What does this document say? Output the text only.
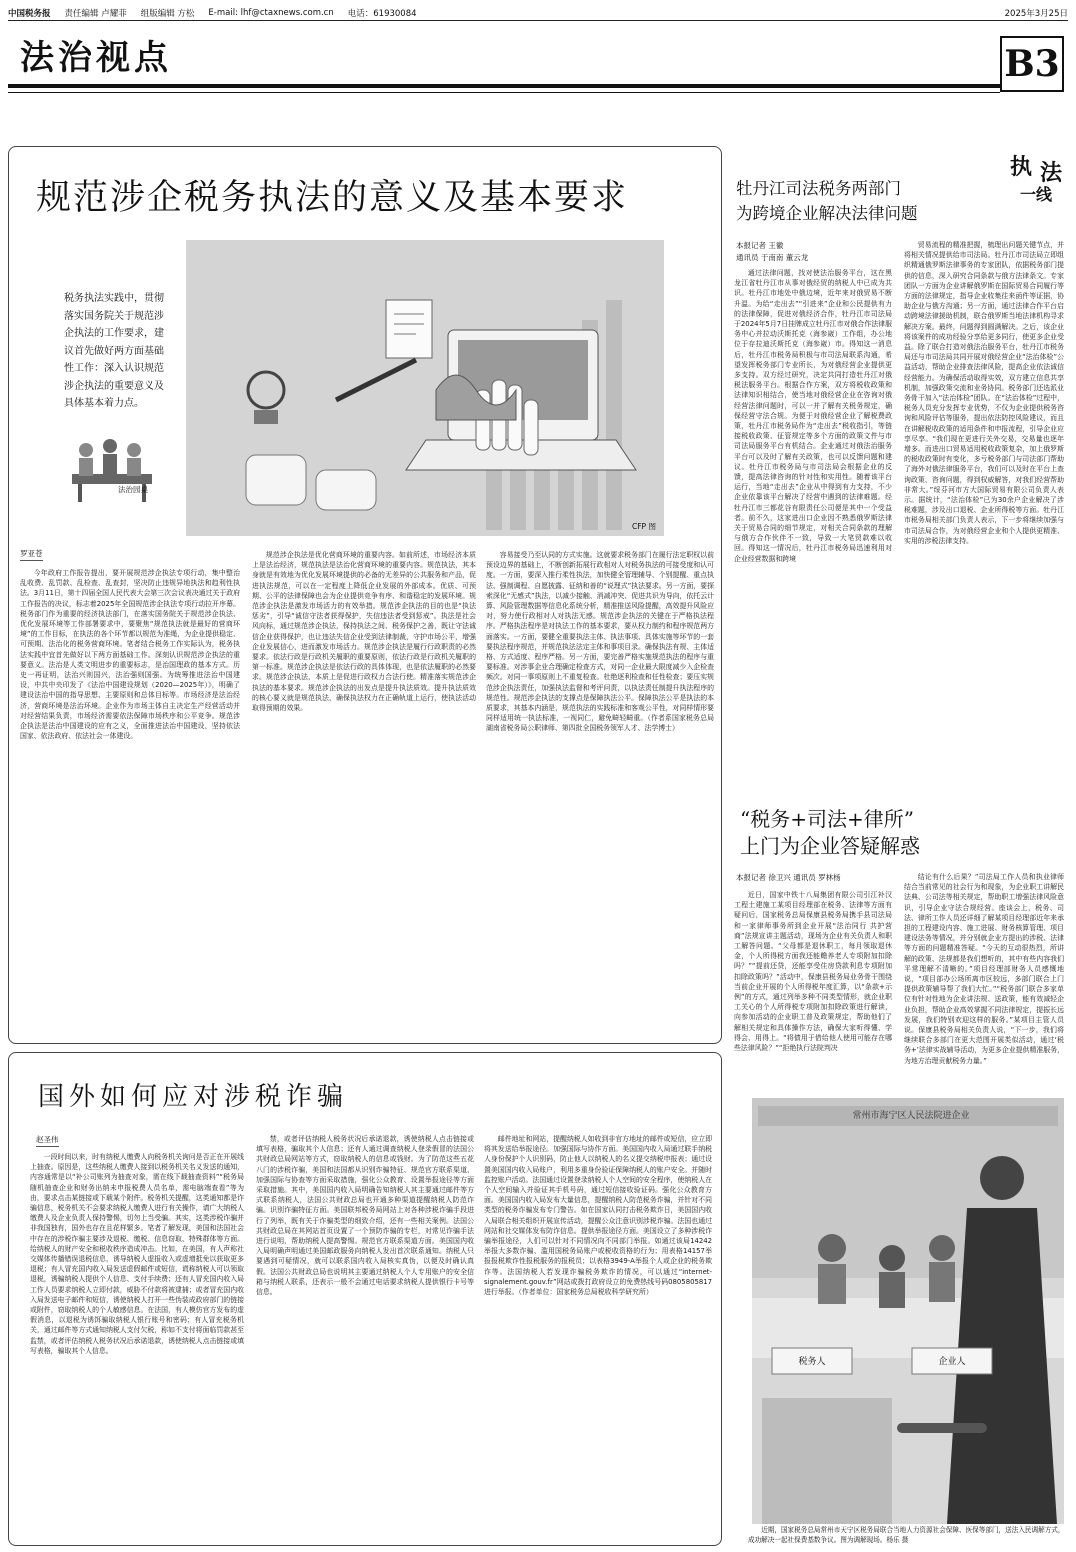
中国税务报 责任编辑 卢耀菲 组版编辑 方松 E-mail: lhf@ctaxnews.com.cn 电话：61930084	2025年3月25日
法治视点	B3
规范涉企税务执法的意义及基本要求
CFP 图
税务执法实践中，贯彻落实国务院关于规范涉企执法的工作要求，建议首先做好两方面基础性工作：深入认识规范涉企执法的重要意义及具体基本着力点。
法治园桌
罗亚苍

今年政府工作报告提出，要开展规范涉企执法专项行动，集中整治乱收费、乱罚款、乱检查、乱查封，坚决防止违规异地执法和趋利性执法。3月11日，第十四届全国人民代表大会第三次会议表决通过关于政府工作报告的决议，标志着2025年全国规范涉企执法专项行动拉开序幕。税务部门作为重要的经济执法部门，在落实国务院关于规范涉企执法、优化发展环境等工作部署要求中，要聚焦“规范执法就是最好的营商环境”的工作目标，在执法的各个环节都以规范为准绳，为企业提供稳定、可预期、法治化的税务营商环境。笔者结合税务工作实际认为，税务执法实践中宜首先做好以下两方面基础工作。深刻认识规范涉企执法的重要意义。法治是人类文明进步的重要标志，是治国理政的基本方式。历史一再证明，法治兴则国兴，法治强则国强。为统筹推进法治中国建设，中共中央印发了《法治中国建设规划（2020—2025年）》，明确了建设法治中国的指导思想、主要原则和总体目标等。市场经济是法治经济，营商环境是法治环境。企业作为市场主体自主决定生产经营活动并对经营结果负责，市场经济需要依法保障市场秩序和公平竞争。规范涉企执法是法治中国建设的应有之义，全面推进法治中国建设，坚持依法国家、依法政府、依法社会一体建设。

规范涉企执法是优化营商环境的重要内容。如前所述，市场经济本质上是法治经济，规范执法是法治化营商环境的重要内容。规范执法，其本身就是有效地为优化发展环境提供的必备的无差异的公共服务和产品，促进执法规范，可以在一定程度上降低企业发展的外部成本。优质、可预期、公平的法律保障也会为企业提供竞争有序、和谐稳定的发展环境。规范涉企执法是激发市场活力的有效举措。规范涉企执法的目的也是“执法惩劣”，引导“诚信守法者获得保护，失信违法者受到惩戒”。执法是社会风向标，通过规范涉企执法，保持执法之间、税务保护之善，既让守法诚信企业获得保护，也让违法失信企业受到法律制裁，守护市场公平，增强企业发展信心，进而激发市场活力。规范涉企执法是履行行政职责的必然要求。依法行政是行政机关履职的重要原则，依法行政是行政机关履职的第一标准。规范涉企执法是依法行政的具体体现，也是依法履职的必然要求。规范涉企执法，本质上是促进行政权力合法行使。精准落实规范涉企执法的基本要求。规范涉企执法的出发点是提升执法质效。提升执法质效的核心要义就是规范执法，确保执法权力在正确轨道上运行，使执法活动取得预期的效果。

容易接受乃至认同的方式实施。这就要求税务部门在履行法定职权以前预设边界的基础上，不断创新拓展行政相对人对税务执法的可接受度和认可度。一方面，要深入推行柔性执法，加快健全管理辅导、个别提醒、重点执法、强制调程、自愿披露、征纳和善的“说理式”执法要求。另一方面，要探索深化“无感式”执法，以减少接触、消减冲突、促进共识为导向，依托云计算、风险管理数据等信息化系统分析，精准推送风险提醒，高效提升风险应对，努力使行政相对人对执法无感。规范涉企执法的关键在于严格执法程序。严格执法程序是对执法工作的基本要求，要从权力制约和程序规范两方面落实。一方面，要健全重要执法主体、执法事项、具体实施等环节的一套要执法程序规范，并规范执法法定主体和事项目录。确保执法有规、主体适格、方式适度、程序严格。另一方面，要完善严格实施规范执法的程序与重要标准。对涉事企业合理确定检查方式，对同一企业最大限度减少入企检查频次。对同一事项原则上不重复检查。杜绝逐利检查和任性检查；要压实规范涉企执法责任，加强执法监督和考评问责，以执法责任制提升执法程序的规范性。规范涉企执法的支撑点是保障执法公平。保障执法公平是执法的本质要求，其基本内涵是，规范执法的实践标准和客观公平性，对同样情形要同样适用统一执法标准，一视同仁，避免畸轻畸重。（作者系国家税务总局湖南省税务局公职律师、第四批全国税务领军人才、法学博士）

执 法
一线
牡丹江司法税务两部门
为跨境企业解决法律问题
本报记者 王徽
通讯员 于南南 董云龙

通过法律问题，找对使法治服务平台，这在黑龙江省牡丹江市从事对俄经贸的纳税人中已成为共识。牡丹江市地处中俄边境，近年来对俄贸易不断升温。为给“走出去”“引进来”企业和公民提供有力的法律保障，促进对俄经济合作，牡丹江市司法局于2024年5月7日挂牌成立牡丹江市对俄合作法律服务中心并拉动沃斯托克（海参崴）工作组，办公地位于存拉迪沃斯托克（海参崴）市。得知这一消息后，牡丹江市税务局积极与市司法局联系沟通，希望发挥税务部门专业所长，为对俄经营企业提供更多支持。双方经过研究，决定共同打造牡丹江对俄税法服务平台。根据合作方案，双方将税收政策和法律知识相结合，使当地对俄经营企业在咨询对俄经营法律问题时，可以一并了解有关税务规定，确保经营守法合规。为便于对俄经营企业了解税费政策，牡丹江市税务局作为“走出去”税收指引，等链接税收政策、征管规定等多个方面的政策文件与市司法局服务平台有机结合。企业通过对俄法治服务平台可以及时了解有关政策，也可以反馈问题和建议。牡丹江市税务局与市司法局会根据企业的反馈，提高法律咨询的针对性和实用性。随着该平台运行，当地“走出去”企业从中得到有力支持，不少企业依靠该平台解决了经营中遇到的法律难题。经牡丹江市三都花谷有限责任公司便是其中一个受益者。前不久，这家进出口企业因不熟悉俄罗斯法律关于贸易合同的细节规定，对相关合同条款的理解与俄方合作伙伴不一致，导致一大笔贸款难以收回。得知这一情况后，牡丹江市税务局迅速利用对企业经营数据和跨境

贸易流程的精准把握，梳理出问题关键节点，并将相关情况提供给市司法局。牡丹江市司法局立即组织精通俄罗斯法律事务的专家团队，依据税务部门提供的信息，深入研究合同条款与俄方法律条文。专家团队一方面为企业讲解俄罗斯在国际贸易合同履行等方面的法律规定，指导企业收集往来函件等证据，协助企业与俄方沟通；另一方面，通过法律合作平台启动跨境法律援助机制，联合俄罗斯当地法律机构寻求解决方案。最终，问题得到圆满解决。之后，该企业将该案件的成功经验分享给更多同行，使更多企业受益。除了联合打造对俄法治服务平台，牡丹江市税务局还与市司法局共同开展对俄经营企业“法治体检”公益活动，帮助企业排查法律风险，提高企业依法诚信经营能力。为确保活动取得实效，双方建立信息共享机制，加强政策交流和业务协同。税务部门还选派业务骨干加入“法治体检”团队。在“法治体检”过程中，税务人员充分发挥专业优势，不仅为企业提供税务咨询和风险评估等服务，提出依法防控风险建议，而且在讲解税收政策的适用条件和申报流程，引导企业应享尽享。“我们现在更进行关外交易，交易量也逐年增多。而进出口贸易适用税收政策复杂，加上俄罗斯的税收政策时有变化，多亏税务部门与司法部门帮助了海外对俄法律服务平台，我们可以及时在平台上查询政策、咨询问题，得到权威解答，对我们经营帮助非常大。”绥芬河市方大国际贸易有限公司负责人表示。据统计，“法治体检”已为30余户企业解决了涉税难题，涉及出口退税、企业所得税等方面。牡丹江市税务局相关部门负责人表示，下一步将继续加强与市司法局合作，为对俄经营企业和个人提供更精准、实用的涉税法律支持。

“税务+司法+律所”
上门为企业答疑解惑
本报记者 徐卫兴 通讯员 罗林杨

近日，国家中铁十八局集团有限公司引江补汉工程土建施工某项目经理部在税务、法律等方面有疑问后，国家税务总局保康县税务局携手县司法局和一家律师事务所到企业开展“法治同行 共护营商”法规宣讲主题活动，现场为企业有关负责人和职工解答问题。“父母都是退休职工，每月领取退休金，个人所得税方面我还能赡养老人专项附加扣除吗？”“提前还贷，还能享受住房贷款利息专项附加扣除政策吗？”活动中，保康县税务局业务骨干围绕当前企业开展的个人所得税年度汇算，以“条款+示例”的方式，通过列举多种不同类型情形，就企业职工关心的个人所得税专项附加扣除政策进行解读，向参加活动的企业职工普及政策规定，帮助他们了解相关规定和具体操作方法，确保大家听得懂、学得会、用得上。“将债用于借给他人使用可能存在哪些法律风险？”“拒绝执行法院判决

结论有什么后果？”司法局工作人员和执业律师结合当前常见的社会行为和现象，为企业职工讲解民法典、公司法等相关规定，帮助职工增强法律风险意识，引导企业守法合规经营。座谈会上，税务、司法、律所工作人员还详细了解某项目经理部近年来承担的工程建设内容、施工进展、财务核算管理、项目建设法务等情况，并分别就企业方提出的涉税、法律等方面的问题精准答疑。“今天的互动很热烈，所讲解的政策、法规都是我们想听的，其中有些内容我们平常理解不清晰的。”项目经理部财务人员感慨地说，“项目部办公场所离市区较远，多部门联合上门提供政策辅导帮了我们大忙。”“税务部门联合多家单位有针对性地为企业讲法规、送政策，能有效减轻企业负担，帮助企业高效掌握不同法律规定，提振长远发展，我们特别欢迎这样的服务。”某项目主管人员说。保康县税务局相关负责人说，“下一步，我们将继续联合多部门在更大范围开展类似活动，通过‘税务+’法律实战辅导活动，为更多企业提供精准服务，为地方治理贡献税务力量。”

常州市海宁区人民法院进企业
税务人	企业人
近期，国家税务总局常州市天宁区税务局联合当地人力资源社会保障、医保等部门，送法入民调解方式，成功解决一起社保费基数争议。图为调解现场。杨乐 摄
国外如何应对涉税诈骗
赵圣伟

一段时间以来，时有纳税人缴费人向税务机关询问是否正在开展线上抽查。原因是，这些纳税人缴费人接到以税务机关名义发送的通知，内容通常是以“补公司账列为抽查对象，需在线下载抽查资料”“税务局随机抽查企业和财务出纳未申报税费人员名单，需电脑端查看”等为由，要求点击某链接或下载某个附件。税务机关提醒，这类通知都是诈骗信息，税务机关不会要求纳税人缴费人进行有关操作，请广大纳税人缴费人及企业负责人保持警惕，切勿上当受骗。其实，这类涉税诈骗并非我国独有，国外也存在且花样繁多。笔者了解发现，美国和法国社会中存在的涉税诈骗主要涉及退税、缴税、信息窃取、特殊群体等方面。给纳税人的财产安全和税收秩序造成冲击。比如，在美国，有人声称社交媒体传播错误退税信息，诱导纳税人虚报收入或虚增抵免以获取更多退税；有人冒充国内收入局发送虚假邮件或短信，谎称纳税人可以领取退税，诱骗纳税人提供个人信息、支付手续费；还有人冒充国内收入局工作人员要求纳税人立即付款，威胁不付款将被逮捕；或者冒充国内收入局发送电子邮件和短信，诱使纳税人打开一些伪装成政府部门的链接或附件，窃取纳税人的个人敏感信息。在法国，有人模仿官方发布的虚假消息，以退税为诱饵骗取纳税人银行账号和密码；有人冒充税务机关，通过邮件等方式通知纳税人支付欠税，称如不支付将面临罚款甚至监禁，或者评估纳税人税务状况后承诺退款，诱使纳税人点击链接或填写表格，骗取其个人信息。

禁，或者评估纳税人税务状况后承诺退款，诱使纳税人点击链接或填写表格，骗取其个人信息；还有人通过调查纳税人登录假冒的法国公共财政总局网站等方式，窃取纳税人的信息或钱财。为了防范这些五花八门的涉税诈骗，美国和法国都从识别诈骗特征、规范官方联系渠道、加强国际与协查等方面采取措施，强化公众教育、设置举报途径等方面采取措施。其中，美国国内收入局明确告知纳税人其主要通过邮件等方式联系纳税人，法国公共财政总局也开通多种渠道提醒纳税人防范诈骗。识别诈骗特征方面。美国联邦税务局网站上对各种涉税诈骗手段进行了列举，既有关于诈骗类型的细致介绍，还有一些相关案例。法国公共财政总局在其网站首页设置了一个预防诈骗的专栏，对常见诈骗手法进行说明，帮助纳税人提高警惕。规范官方联系渠道方面。美国国内收入局明确声明通过美国邮政服务向纳税人发出首次联系通知。纳税人只要遇到可疑情况，就可以联系国内收入局核实真伪，以便及时确认真假。法国公共财政总局也说明其主要通过纳税人个人专用账户的安全信箱与纳税人联系，还表示一般不会通过电话要求纳税人提供银行卡号等信息。

邮件地址和网站，提醒纳税人如收到非官方地址的邮件或短信，应立即将其发送给举报途径。加强国际与协作方面。美国国内收入局通过联手纳税人身份保护个人识别码，防止他人以纳税人的名义提交纳税申报表；通过设置美国国内收入局账户，利用多重身份验证保障纳税人的账户安全。并随时监控账户活动。法国通过设置登录纳税人个人空间的安全程序，使纳税人在个人空间输入并验证其手机号码，通过短信接收验证码。强化公众教育方面。美国国内收入局发布大量信息，提醒纳税人防范税务诈骗，并针对不同类型的税务诈骗发布专门警告。如在国家认同打击税务欺诈日，美国国内收入局联合相关组织开展宣传活动，提醒公众注意识别涉税诈骗。法国也通过网站和社交媒体发布防诈信息。提供举报途径方面。美国设立了多种涉税诈骗举报途径，人们可以针对不同情况向不同部门举报。如通过该局14242举报大多数诈骗、滥用国税务局账户或税收资格的行为；用表格14157举报报税欺诈性报税服务的报税员；以表格3949-A举报个人或企业的税务欺诈等。法国纳税人若发现诈骗税务欺诈的情况，可以通过“internet-signalement.gouv.fr”网站或拨打政府设立的免费热线号码0805805817进行举报。（作者单位：国家税务总局税收科学研究所）
